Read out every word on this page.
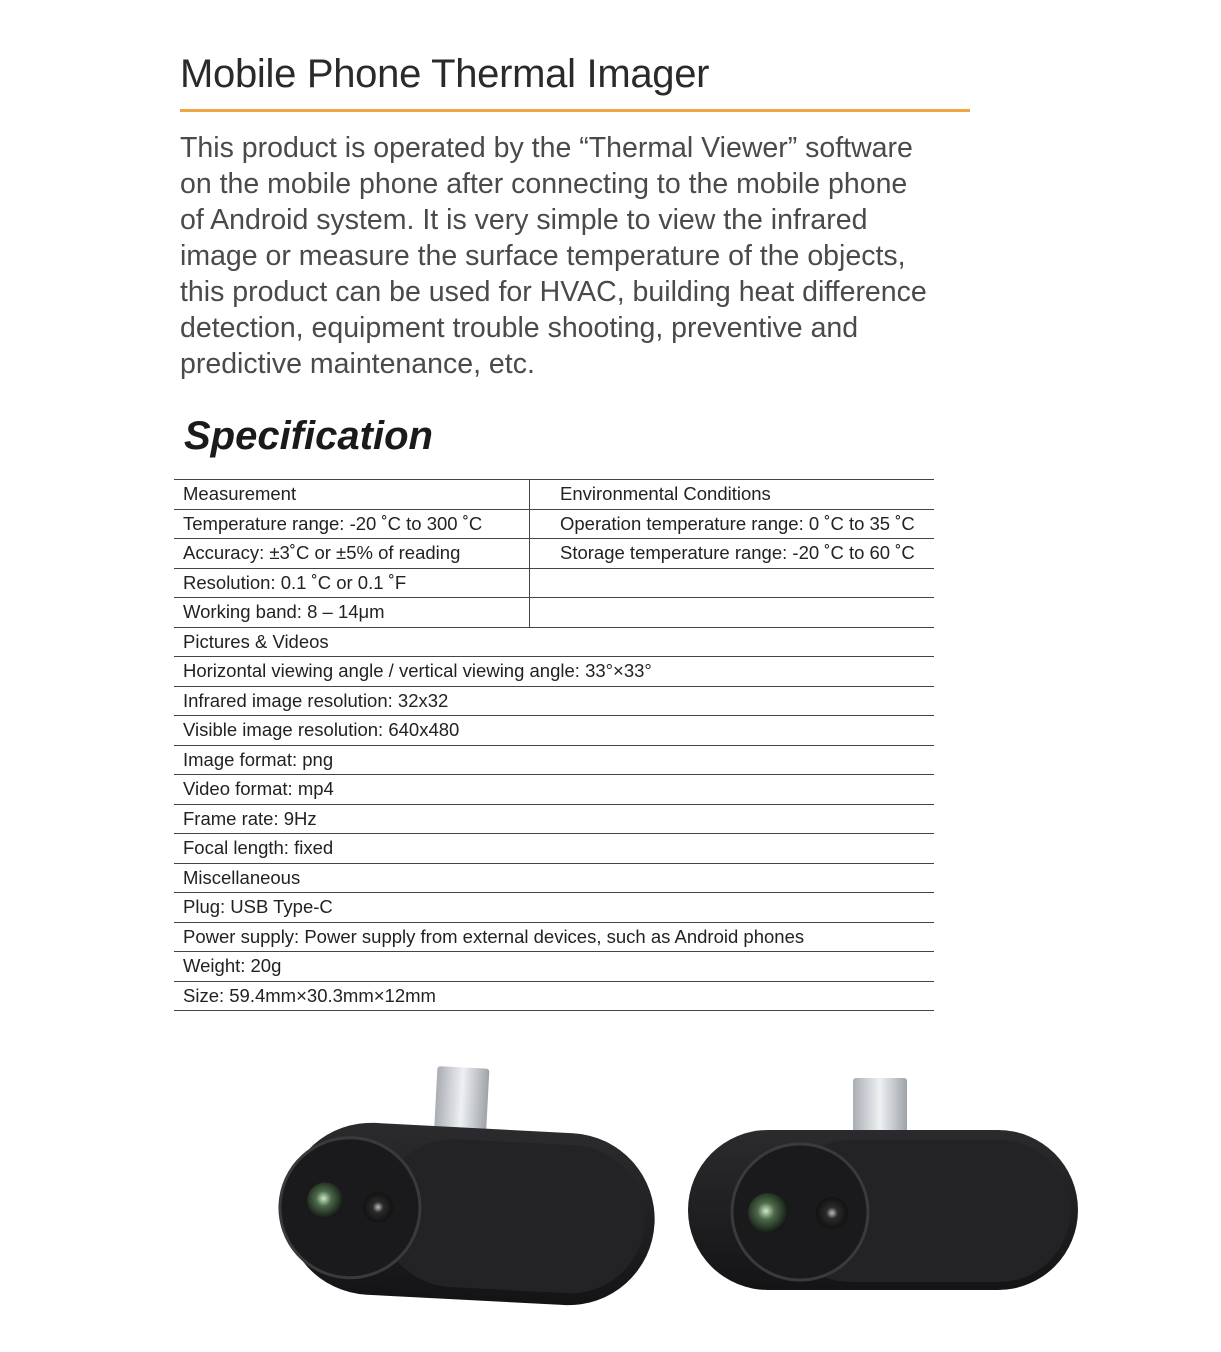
Mobile Phone Thermal Imager

This product is operated by the “Thermal Viewer” software
on the mobile phone after connecting to the mobile phone
of Android system. It is very simple to view the infrared
image or measure the surface temperature of the objects,
this product can be used for HVAC, building heat difference
detection, equipment trouble shooting, preventive and
predictive maintenance, etc.

Specification
Measurement	Environmental Conditions
Temperature range: -20 ˚C to 300 ˚C	Operation temperature range: 0 ˚C to 35 ˚C
Accuracy: ±3˚C or ±5% of reading	Storage temperature range: -20 ˚C to 60 ˚C
Resolution: 0.1 ˚C or 0.1 ˚F
Working band: 8 – 14μm
Pictures & Videos
Horizontal viewing angle / vertical viewing angle: 33°×33°
Infrared image resolution: 32x32
Visible image resolution: 640x480
Image format: png
Video format: mp4
Frame rate: 9Hz
Focal length: fixed
Miscellaneous
Plug: USB Type-C
Power supply: Power supply from external devices, such as Android phones
Weight: 20g
Size: 59.4mm×30.3mm×12mm
